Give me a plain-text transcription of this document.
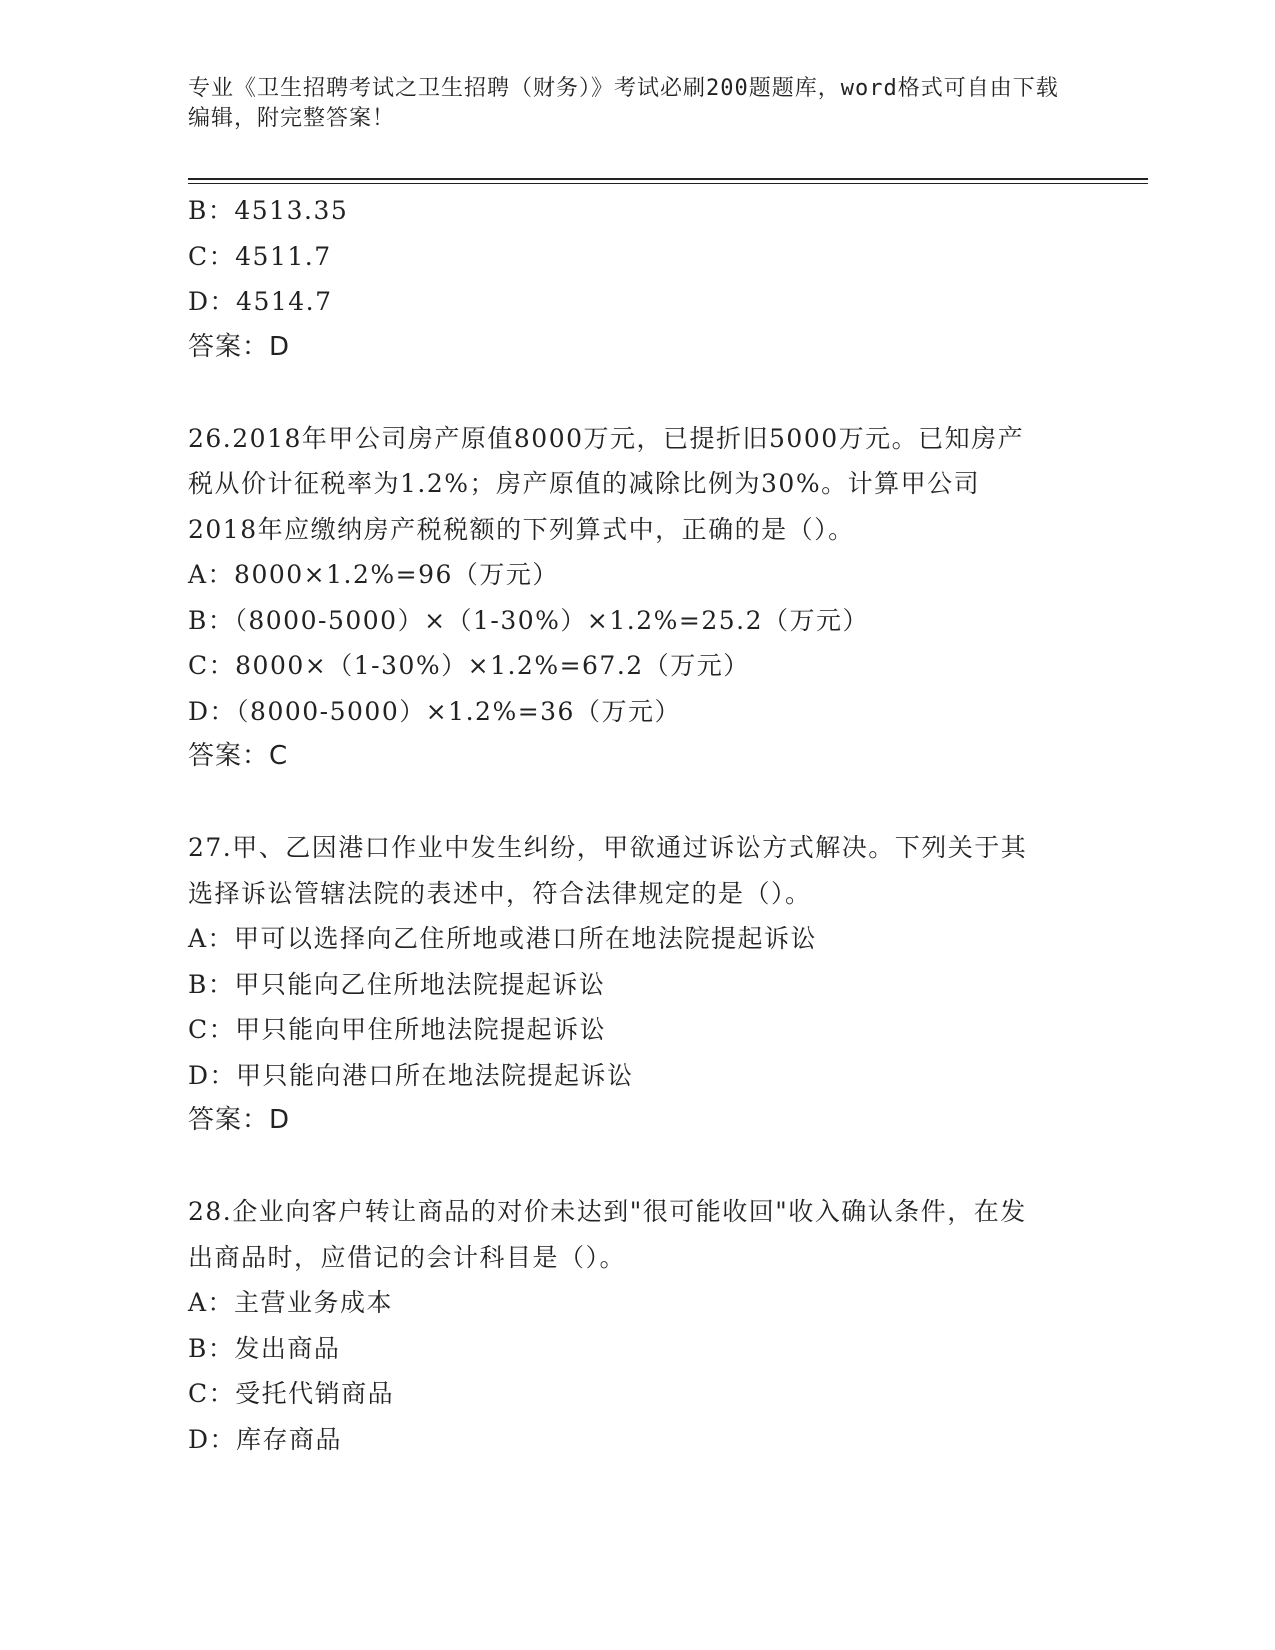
专业《卫生招聘考试之卫生招聘（财务）》考试必刷200题题库，word格式可自由下载编辑，附完整答案！
B：4513.35
C：4511.7
D：4514.7
答案：D
26.2018年甲公司房产原值8000万元，已提折旧5000万元。已知房产税从价计征税率为1.2%；房产原值的减除比例为30%。计算甲公司2018年应缴纳房产税税额的下列算式中，正确的是（）。
A：8000×1.2%=96（万元）
B：（8000-5000）×（1-30%）×1.2%=25.2（万元）
C：8000×（1-30%）×1.2%=67.2（万元）
D：（8000-5000）×1.2%=36（万元）
答案：C
27.甲、乙因港口作业中发生纠纷，甲欲通过诉讼方式解决。下列关于其选择诉讼管辖法院的表述中，符合法律规定的是（）。
A：甲可以选择向乙住所地或港口所在地法院提起诉讼
B：甲只能向乙住所地法院提起诉讼
C：甲只能向甲住所地法院提起诉讼
D：甲只能向港口所在地法院提起诉讼
答案：D
28.企业向客户转让商品的对价未达到"很可能收回"收入确认条件，在发出商品时，应借记的会计科目是（）。
A：主营业务成本
B：发出商品
C：受托代销商品
D：库存商品
